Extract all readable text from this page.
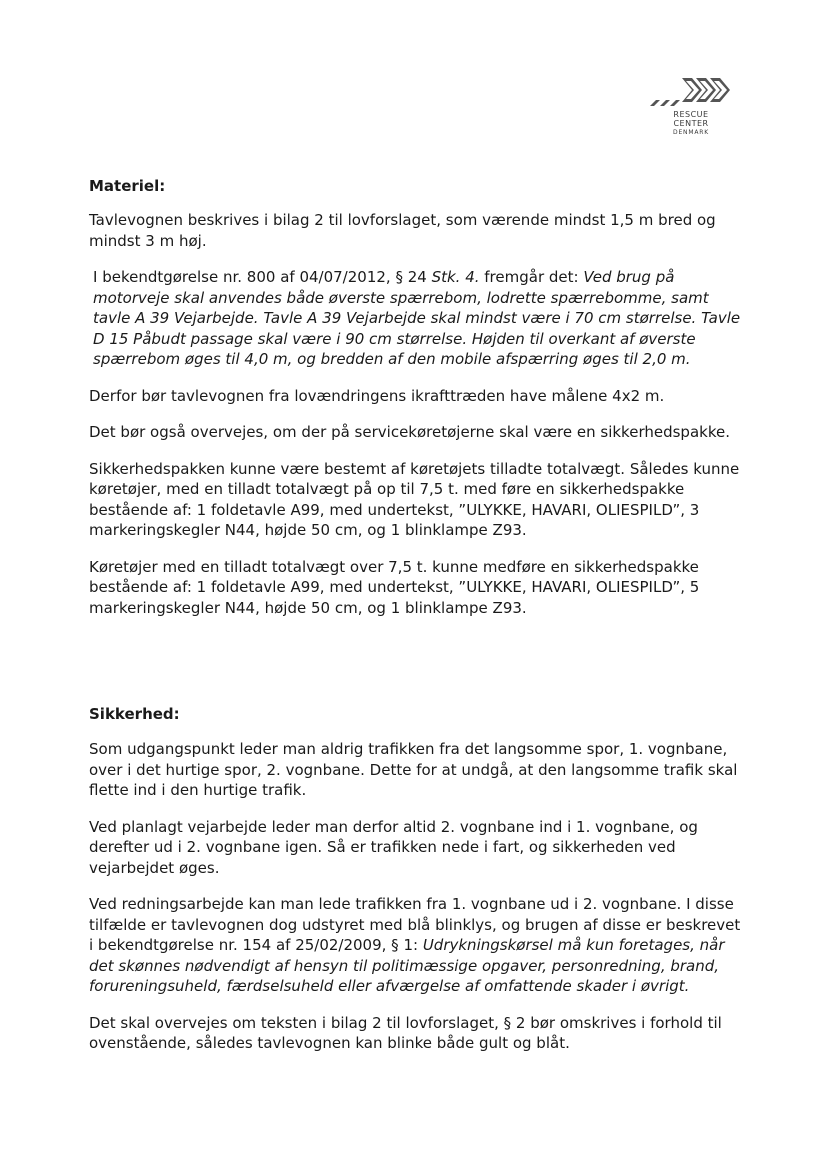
RESCUE
CENTER
DENMARK
Materiel:

Tavlevognen beskrives i bilag 2 til lovforslaget, som værende mindst 1,5 m bred og mindst 3 m høj.

I bekendtgørelse nr. 800 af 04/07/2012, § 24 Stk. 4. fremgår det: Ved brug på motorveje skal anvendes både øverste spærrebom, lodrette spærrebomme, samt tavle A 39 Vejarbejde. Tavle A 39 Vejarbejde skal mindst være i 70 cm størrelse. Tavle D 15 Påbudt passage skal være i 90 cm størrelse. Højden til overkant af øverste spærrebom øges til 4,0 m, og bredden af den mobile afspærring øges til 2,0 m.

Derfor bør tavlevognen fra lovændringens ikrafttræden have målene 4x2 m.

Det bør også overvejes, om der på servicekøretøjerne skal være en sikkerhedspakke.

Sikkerhedspakken kunne være bestemt af køretøjets tilladte totalvægt. Således kunne køretøjer, med en tilladt totalvægt på op til 7,5 t. med føre en sikkerhedspakke bestående af: 1 foldetavle A99, med undertekst, ”ULYKKE, HAVARI, OLIESPILD”, 3 markeringskegler N44, højde 50 cm, og 1 blinklampe Z93.

Køretøjer med en tilladt totalvægt over 7,5 t. kunne medføre en sikkerhedspakke bestående af: 1 foldetavle A99, med undertekst, ”ULYKKE, HAVARI, OLIESPILD”, 5 markeringskegler N44, højde 50 cm, og 1 blinklampe Z93.

Sikkerhed:

Som udgangspunkt leder man aldrig trafikken fra det langsomme spor, 1. vognbane, over i det hurtige spor, 2. vognbane. Dette for at undgå, at den langsomme trafik skal flette ind i den hurtige trafik.

Ved planlagt vejarbejde leder man derfor altid 2. vognbane ind i 1. vognbane, og derefter ud i 2. vognbane igen. Så er trafikken nede i fart, og sikkerheden ved vejarbejdet øges.

Ved redningsarbejde kan man lede trafikken fra 1. vognbane ud i 2. vognbane. I disse tilfælde er tavlevognen dog udstyret med blå blinklys, og brugen af disse er beskrevet i bekendtgørelse nr. 154 af 25/02/2009, § 1: Udrykningskørsel må kun foretages, når det skønnes nødvendigt af hensyn til politimæssige opgaver, personredning, brand, forureningsuheld, færdselsuheld eller afværgelse af omfattende skader i øvrigt.

Det skal overvejes om teksten i bilag 2 til lovforslaget, § 2 bør omskrives i forhold til ovenstående, således tavlevognen kan blinke både gult og blåt.
